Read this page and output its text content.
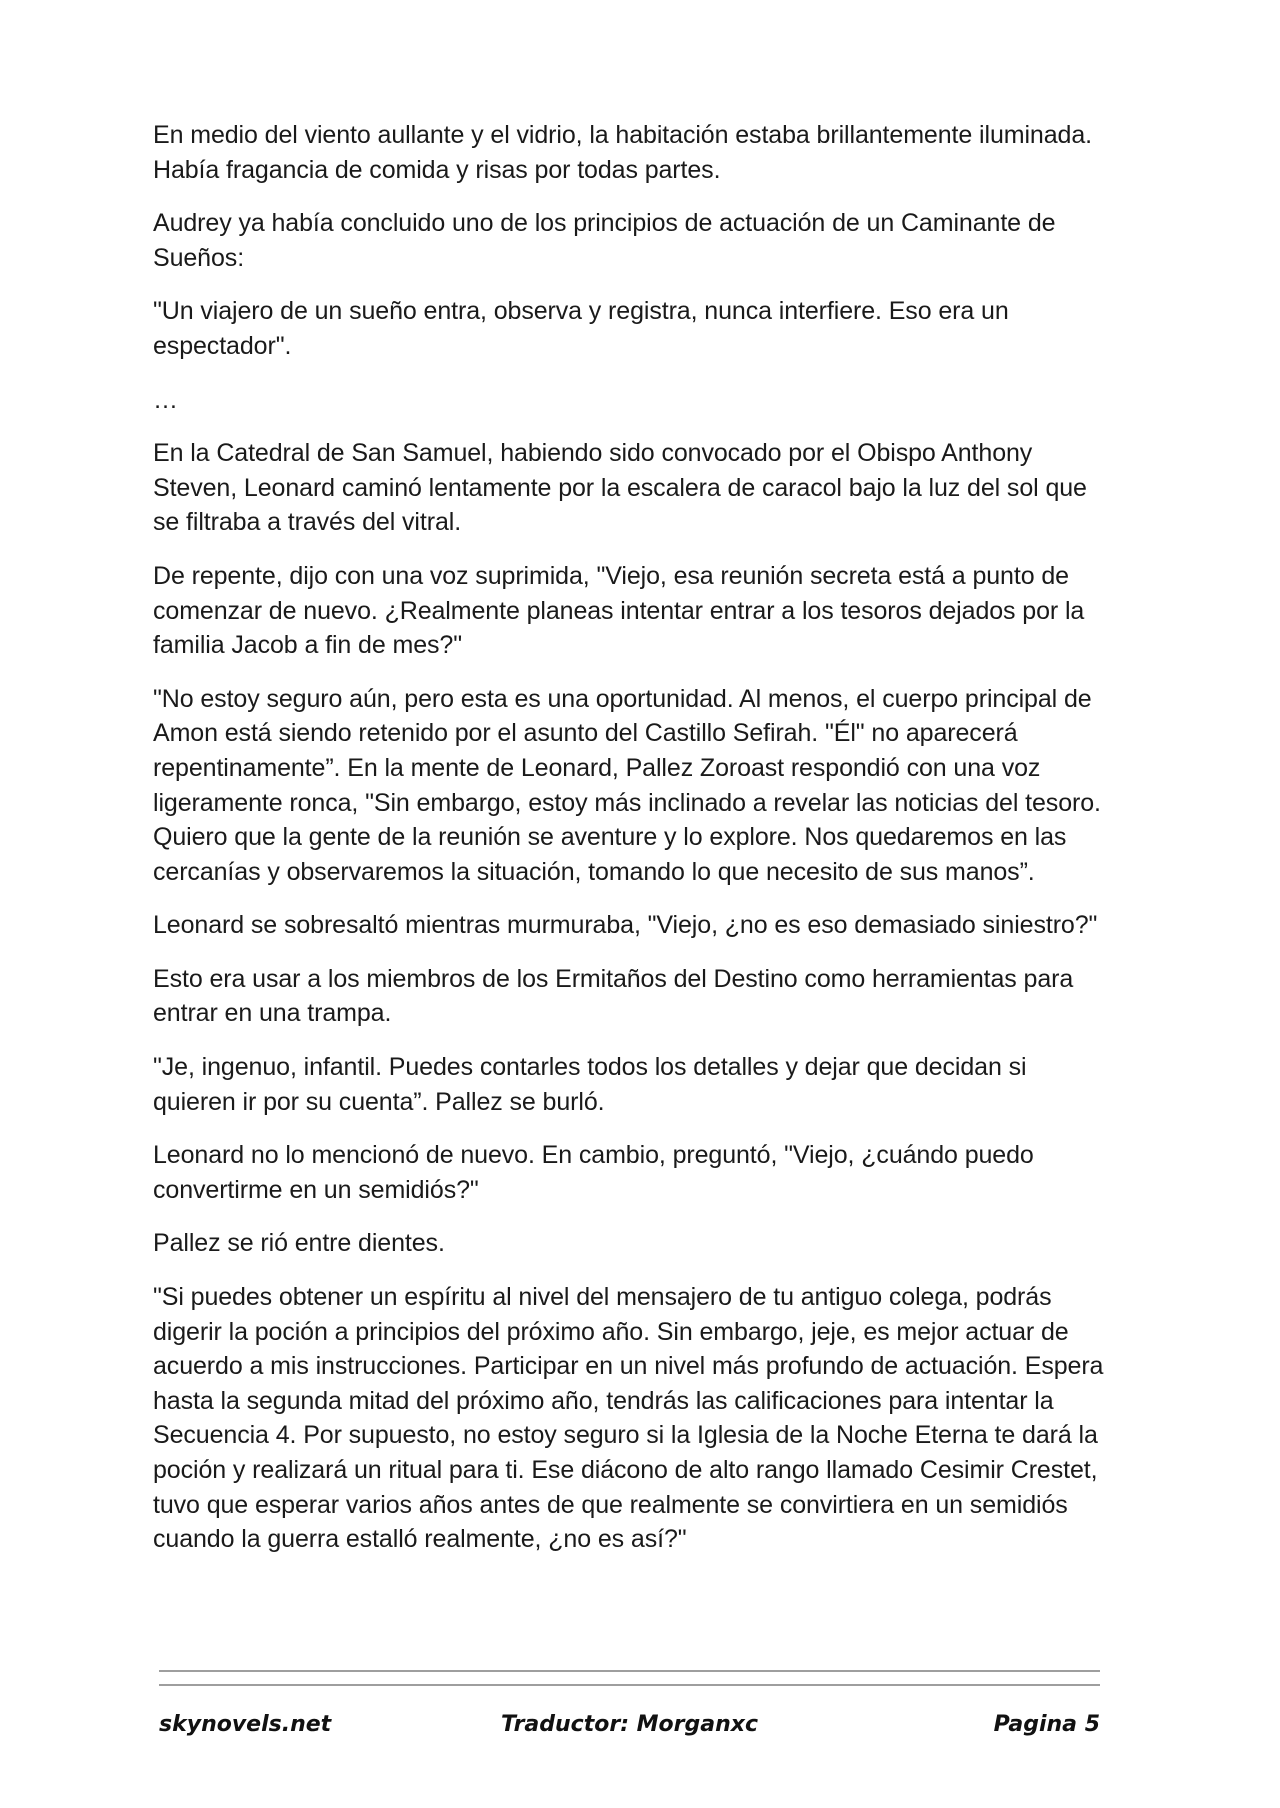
En medio del viento aullante y el vidrio, la habitación estaba brillantemente iluminada. Había fragancia de comida y risas por todas partes.

Audrey ya había concluido uno de los principios de actuación de un Caminante de Sueños:

"Un viajero de un sueño entra, observa y registra, nunca interfiere. Eso era un espectador".

…

En la Catedral de San Samuel, habiendo sido convocado por el Obispo Anthony Steven, Leonard caminó lentamente por la escalera de caracol bajo la luz del sol que se filtraba a través del vitral.

De repente, dijo con una voz suprimida, "Viejo, esa reunión secreta está a punto de comenzar de nuevo. ¿Realmente planeas intentar entrar a los tesoros dejados por la familia Jacob a fin de mes?"

"No estoy seguro aún, pero esta es una oportunidad. Al menos, el cuerpo principal de Amon está siendo retenido por el asunto del Castillo Sefirah. "Él" no aparecerá repentinamente”. En la mente de Leonard, Pallez Zoroast respondió con una voz ligeramente ronca, "Sin embargo, estoy más inclinado a revelar las noticias del tesoro. Quiero que la gente de la reunión se aventure y lo explore. Nos quedaremos en las cercanías y observaremos la situación, tomando lo que necesito de sus manos”.

Leonard se sobresaltó mientras murmuraba, "Viejo, ¿no es eso demasiado siniestro?"

Esto era usar a los miembros de los Ermitaños del Destino como herramientas para entrar en una trampa.

"Je, ingenuo, infantil. Puedes contarles todos los detalles y dejar que decidan si quieren ir por su cuenta”. Pallez se burló.

Leonard no lo mencionó de nuevo. En cambio, preguntó, "Viejo, ¿cuándo puedo convertirme en un semidiós?"

Pallez se rió entre dientes.

"Si puedes obtener un espíritu al nivel del mensajero de tu antiguo colega, podrás digerir la poción a principios del próximo año. Sin embargo, jeje, es mejor actuar de acuerdo a mis instrucciones. Participar en un nivel más profundo de actuación. Espera hasta la segunda mitad del próximo año, tendrás las calificaciones para intentar la Secuencia 4. Por supuesto, no estoy seguro si la Iglesia de la Noche Eterna te dará la poción y realizará un ritual para ti. Ese diácono de alto rango llamado Cesimir Crestet, tuvo que esperar varios años antes de que realmente se convirtiera en un semidiós cuando la guerra estalló realmente, ¿no es así?"

skynovels.net	Traductor: Morganxc	Pagina 5
